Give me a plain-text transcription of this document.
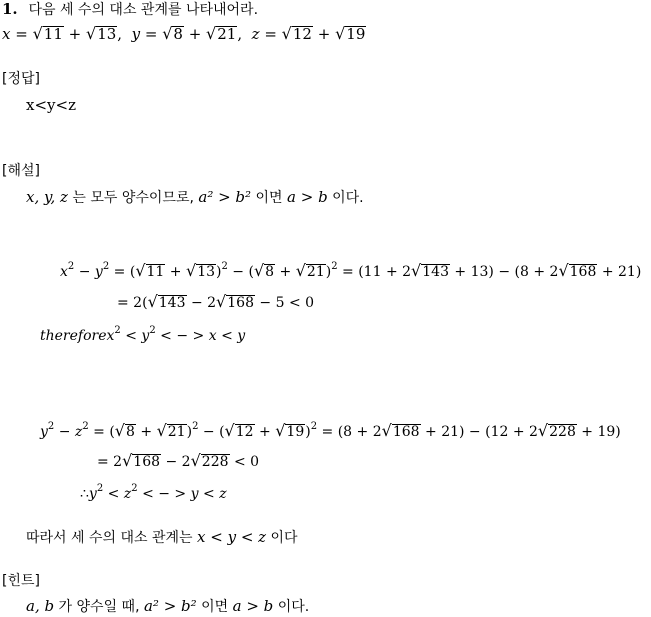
1. 다음 세 수의 대소 관계를 나타내어라.
x = √11 + √13,  y = √8 + √21,  z = √12 + √19
[정답]
x<y<z
[해설]
x, y, z 는 모두 양수이므로, a² > b² 이면 a > b 이다.
$x^2 - y^2 = (√11 + √13)^2 - (√8 + √21)^2 = (11 + 2√143 + 13) - (8 + 2√168 + 21)$
= 2(√143 − 2√168 − 5 < 0
thereforex$^2$ < $y^2$ < − > x < y
$y^2 - z^2 = (√8 + √21)^2 - (√12 + √19)^2 = (8 + 2√168 + 21) - (12 + 2√228 + 19)$
= 2√168 − 2√228 < 0
$\therefore y^2 < z^2$ < − > y < z
따라서 세 수의 대소 관계는 x < y < z 이다
[힌트]
a, b 가 양수일 때, a² > b² 이면 a > b 이다.
